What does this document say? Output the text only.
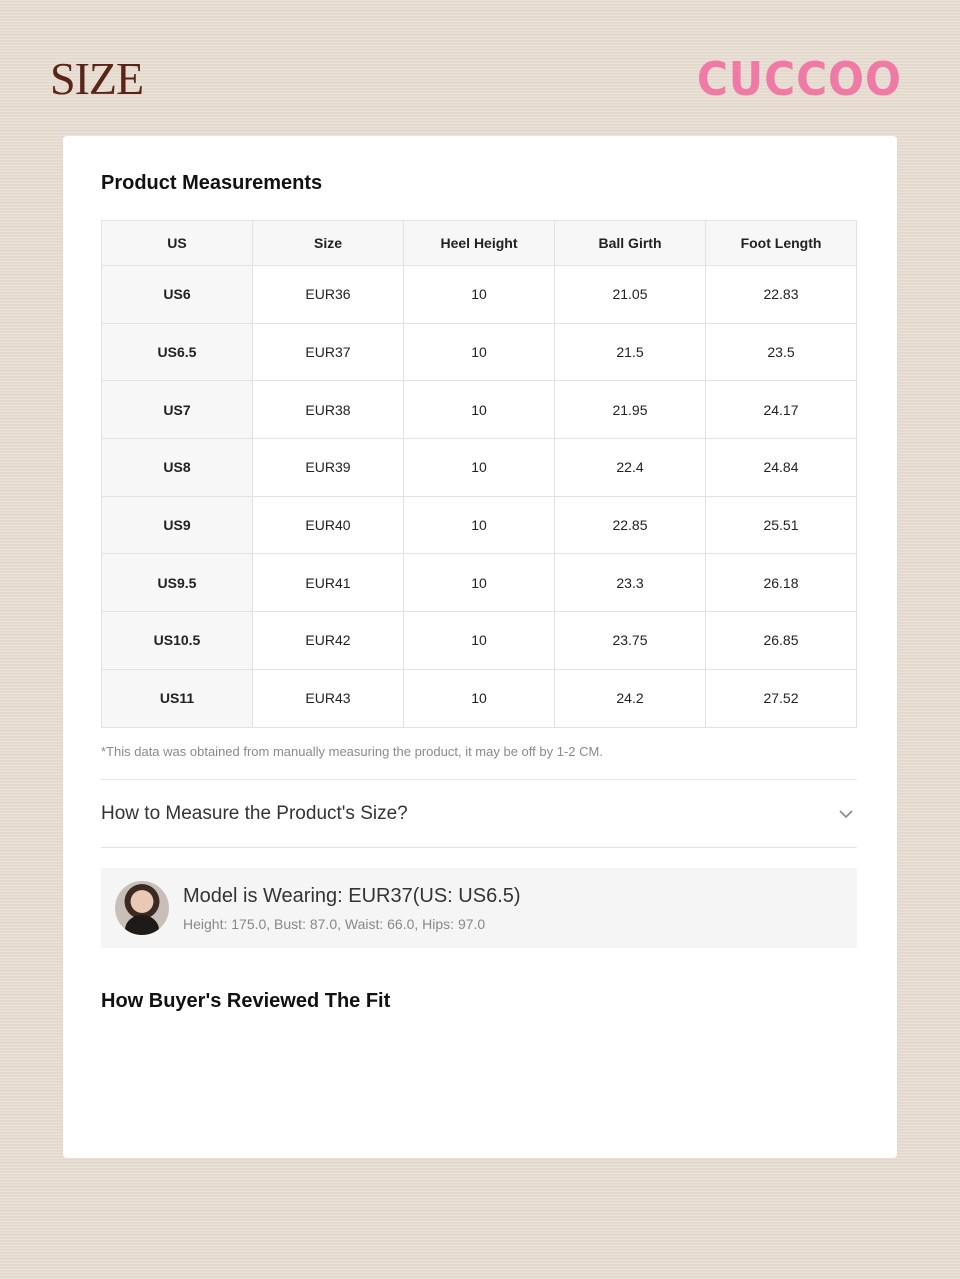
SIZE	CUCCOO
Product Measurements
US	Size	Heel Height	Ball Girth	Foot Length
US6	EUR36	10	21.05	22.83
US6.5	EUR37	10	21.5	23.5
US7	EUR38	10	21.95	24.17
US8	EUR39	10	22.4	24.84
US9	EUR40	10	22.85	25.51
US9.5	EUR41	10	23.3	26.18
US10.5	EUR42	10	23.75	26.85
US11	EUR43	10	24.2	27.52
*This data was obtained from manually measuring the product, it may be off by 1-2 CM.
How to Measure the Product's Size?
Model is Wearing: EUR37(US: US6.5)
Height: 175.0, Bust: 87.0, Waist: 66.0, Hips: 97.0
How Buyer's Reviewed The Fit
